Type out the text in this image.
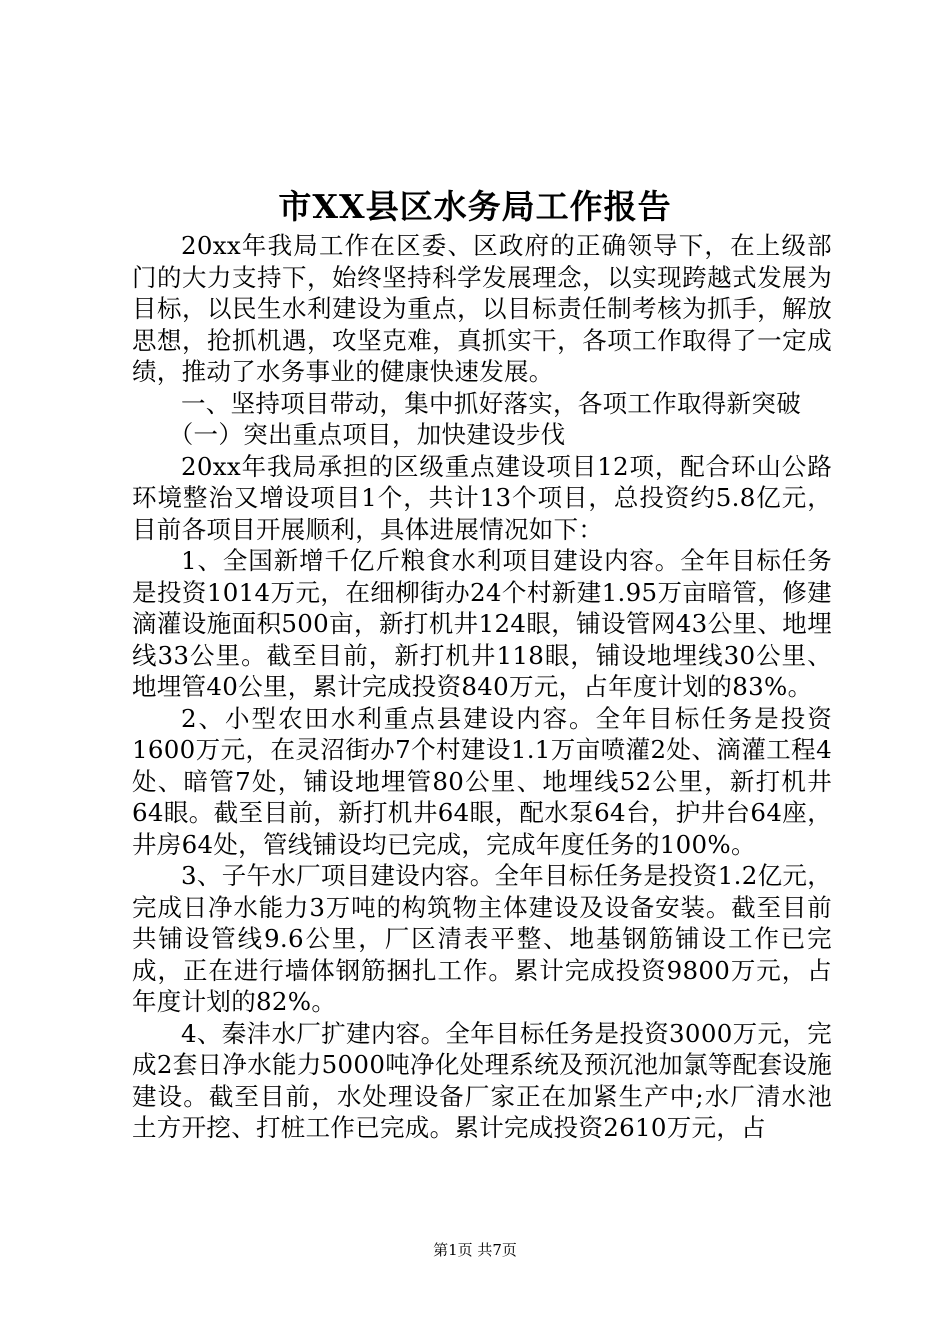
市XX县区水务局工作报告

20xx年我局工作在区委、区政府的正确领导下，在上级部门的大力支持下，始终坚持科学发展理念，以实现跨越式发展为目标，以民生水利建设为重点，以目标责任制考核为抓手，解放思想，抢抓机遇，攻坚克难，真抓实干，各项工作取得了一定成绩，推动了水务事业的健康快速发展。

一、坚持项目带动，集中抓好落实，各项工作取得新突破

（一）突出重点项目，加快建设步伐

20xx年我局承担的区级重点建设项目12项，配合环山公路环境整治又增设项目1个，共计13个项目，总投资约5.8亿元，目前各项目开展顺利，具体进展情况如下：

1、全国新增千亿斤粮食水利项目建设内容。全年目标任务是投资1014万元，在细柳街办24个村新建1.95万亩暗管，修建滴灌设施面积500亩，新打机井124眼，铺设管网43公里、地埋线33公里。截至目前，新打机井118眼，铺设地埋线30公里、地埋管40公里，累计完成投资840万元，占年度计划的83%。

2、小型农田水利重点县建设内容。全年目标任务是投资1600万元，在灵沼街办7个村建设1.1万亩喷灌2处、滴灌工程4处、暗管7处，铺设地埋管80公里、地埋线52公里，新打机井64眼。截至目前，新打机井64眼，配水泵64台，护井台64座，井房64处，管线铺设均已完成，完成年度任务的100%。

3、子午水厂项目建设内容。全年目标任务是投资1.2亿元，完成日净水能力3万吨的构筑物主体建设及设备安装。截至目前共铺设管线9.6公里，厂区清表平整、地基钢筋铺设工作已完成，正在进行墙体钢筋捆扎工作。累计完成投资9800万元，占年度计划的82%。

4、秦沣水厂扩建内容。全年目标任务是投资3000万元，完成2套日净水能力5000吨净化处理系统及预沉池加氯等配套设施建设。截至目前，水处理设备厂家正在加紧生产中;水厂清水池土方开挖、打桩工作已完成。累计完成投资2610万元，占

第1页 共7页
